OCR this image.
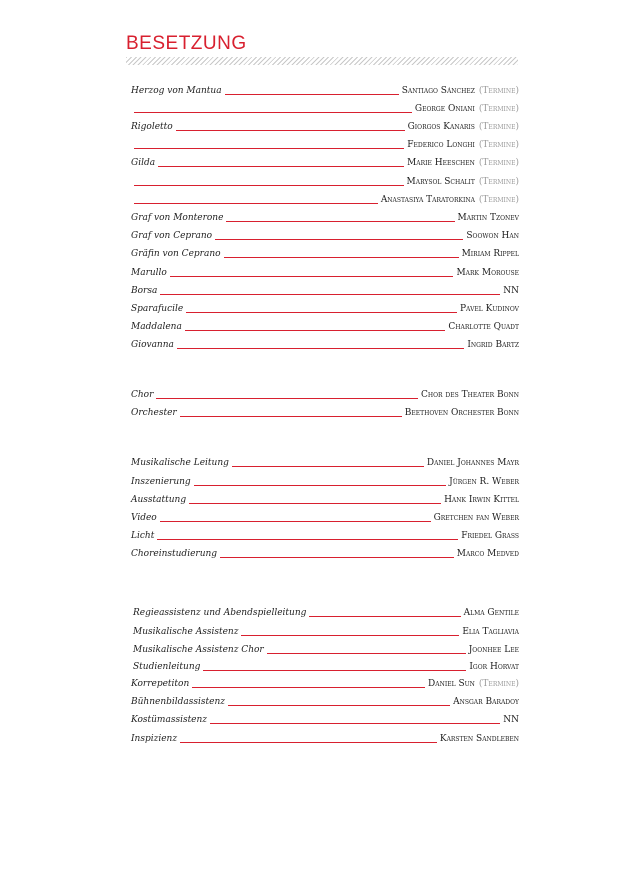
BESETZUNG
Herzog von Mantua	Santiago Sánchez (Termine)
George Oniani (Termine)
Rigoletto	Giorgos Kanaris (Termine)
Federico Longhi (Termine)
Gilda	Marie Heeschen (Termine)
Marysol Schalit (Termine)
Anastasiya Taratorkina (Termine)
Graf von Monterone	Martin Tzonev
Graf von Ceprano	Soowon Han
Gräfin von Ceprano	Miriam Rippel
Marullo	Mark Morouse
Borsa	NN
Sparafucile	Pavel Kudinov
Maddalena	Charlotte Quadt
Giovanna	Ingrid Bartz
Chor	Chor des Theater Bonn
Orchester	Beethoven Orchester Bonn
Musikalische Leitung	Daniel Johannes Mayr
Inszenierung	Jürgen R. Weber
Ausstattung	Hank Irwin Kittel
Video	Gretchen fan Weber
Licht	Friedel Grass
Choreinstudierung	Marco Medved
Regieassistenz und Abendspielleitung	Alma Gentile
Musikalische Assistenz	Elia Tagliavia
Musikalische Assistenz Chor	Joonhee Lee
Studienleitung	Igor Horvat
Korrepetiton	Daniel Sun (Termine)
Bühnenbildassistenz	Ansgar Baradoy
Kostümassistenz	NN
Inspizienz	Karsten Sandleben
